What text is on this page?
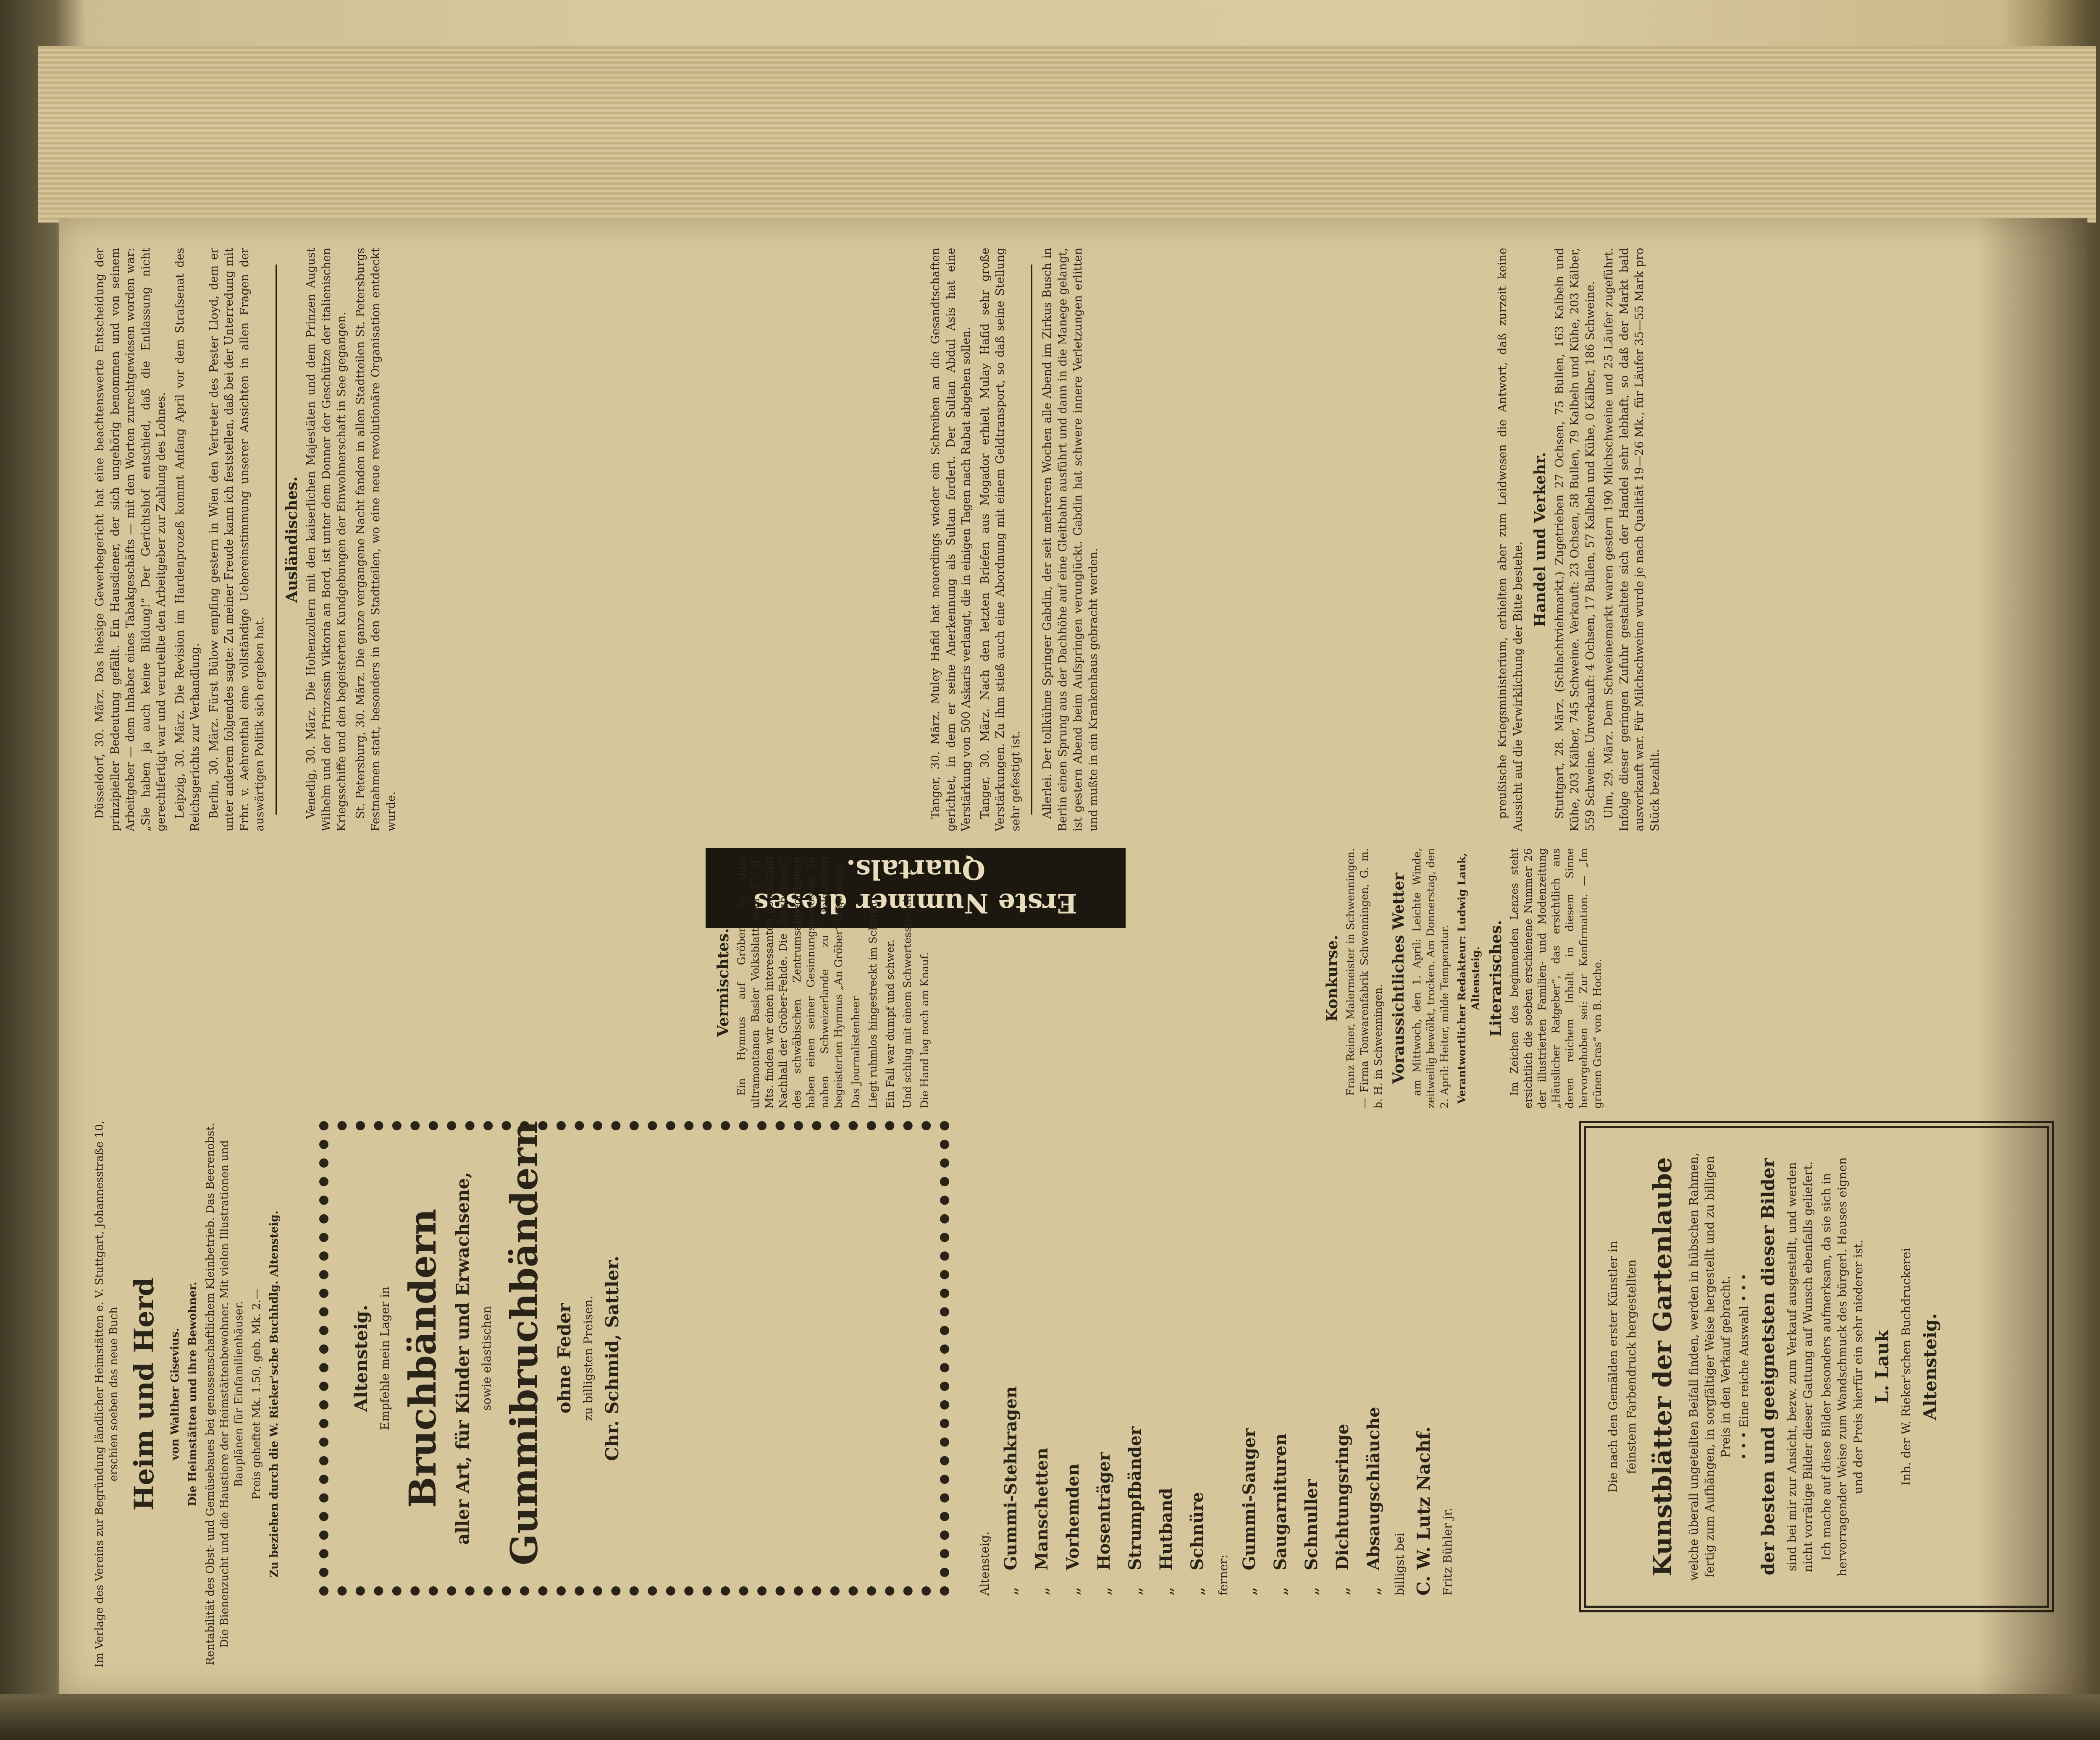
Düsseldorf, 30. März. Das hiesige Gewerbegericht hat eine beachtenswerte Entscheidung der prinzipieller Bedeutung gefällt. Ein Hausdiener, der sich ungehörig benommen und von seinem Arbeitgeber — dem Inhaber eines Tabakgeschäfts — mit den Worten zurechtgewiesen worden war: „Sie haben ja auch keine Bildung!“ Der Gerichtshof entschied, daß die Entlassung nicht gerechtfertigt war und verurteilte den Arbeitgeber zur Zahlung des Lohnes. Leipzig, 30. März. Die Revision im Hardenprozeß kommt Anfang April vor dem Strafsenat des Reichsgerichts zur Verhandlung. Berlin, 30. März. Fürst Bülow empfing gestern in Wien den Vertreter des Pester Lloyd, dem er unter anderem folgendes sagte: Zu meiner Freude kann ich feststellen, daß bei der Unterredung mit Frhr. v. Aehrenthal eine vollständige Uebereinstimmung unserer Ansichten in allen Fragen der auswärtigen Politik sich ergeben hat.

Ausländisches. Venedig, 30. März. Die Hohenzollern mit den kaiserlichen Majestäten und dem Prinzen August Wilhelm und der Prinzessin Viktoria an Bord, ist unter dem Donner der Geschütze der italienischen Kriegsschiffe und den begeisterten Kundgebungen der Einwohnerschaft in See gegangen. St. Petersburg, 30. März. Die ganze vergangene Nacht fanden in allen Stadtteilen St. Petersburgs Festnahmen statt, besonders in den Stadtteilen, wo eine neue revolutionäre Organisation entdeckt wurde.	Tanger, 30. März. Muley Hafid hat neuerdings wieder ein Schreiben an die Gesandtschaften gerichtet, in dem er seine Anerkennung als Sultan fordert. Der Sultan Abdul Asis hat eine Verstärkung von 500 Askaris verlangt, die in einigen Tagen nach Rabat abgehen sollen. Tanger, 30. März. Nach den letzten Briefen aus Mogador erhielt Mulay Hafid sehr große Verstärkungen. Zu ihm stieß auch eine Abordnung mit einem Geldtransport, so daß seine Stellung sehr gefestigt ist. Allerlei. Der tollkühne Springer Gabdin, der seit mehreren Wochen alle Abend im Zirkus Busch in Berlin einen Sprung aus der Dachhöhe auf eine Gleitbahn ausführt und dann in die Manege gelangt, ist gestern Abend beim Aufspringen verunglückt. Gabdin hat schwere innere Verletzungen erlitten und mußte in ein Krankenhaus gebracht werden.

Erste Nummer dieses Quartals.
Vermischtes. Ein Hymnus auf Gröber. In dem ultramontanen Basler Volksblatt vom 27. d. Mts. finden wir einen interessanten poetischen Nachhall der Gröber-Fehde. Die „Saubengels“ des schwäbischen Zentrumsabgeordneten haben einen seiner Gesinnungsgenossen in nahen Schweizerlande zu folgendem begeisterten Hymnus „An Gröber“ begeistert: Das Journalistenheer Liegt ruhmlos hingestreckt im Schacht; Ein Fall war dumpf und schwer. Und schlug mit einem Schwertesstreich Die Hand lag noch am Knauf.

preußische Kriegsministerium, erhielten aber zum Leidwesen die Antwort, daß zurzeit keine Aussicht auf die Verwirklichung der Bitte bestehe.

Handel und Verkehr. Stuttgart, 28. März. (Schlachtviehmarkt.) Zugetrieben 27 Ochsen, 75 Bullen, 163 Kalbeln und Kühe, 203 Kälber, 745 Schweine. Verkauft: 23 Ochsen, 58 Bullen, 79 Kalbeln und Kühe, 203 Kälber, 559 Schweine. Unverkauft: 4 Ochsen, 17 Bullen, 57 Kalbeln und Kühe, 0 Kälber, 186 Schweine. Ulm, 29. März. Dem Schweinemarkt waren gestern 190 Milchschweine und 25 Läufer zugeführt. Infolge dieser geringen Zufuhr gestaltete sich der Handel sehr lebhaft, so daß der Markt bald ausverkauft war. Für Milchschweine wurde je nach Qualität 19—26 Mk., für Läufer 35—55 Mark pro Stück bezahlt.

Konkurse. Franz Reiner, Malermeister in Schwenningen. — Firma Tonwarenfabrik Schwenningen, G. m. b. H. in Schwenningen. Voraussichtliches Wetter am Mittwoch, den 1. April: Leichte Winde, zeitweilig bewölkt, trocken. Am Donnerstag, den 2. April: Heiter, milde Temperatur. Verantwortlicher Redakteur: Ludwig Lauk, Altensteig. Literarisches. Im Zeichen des beginnenden Lenzes steht ersichtlich die soeben erschienene Nummer 26 der illustrierten Familien- und Modenzeitung „Häuslicher Ratgeber“, das ersichtlich aus deren reichem Inhalt in diesem Sinne hervorgehoben sei: Zur Konfirmation. — „Im grünen Gras“ von B. Hoche.

Altensteig. Empfehle mein Lager in Bruchbändern aller Art, für Kinder und Erwachsene, sowie elastischen Gummibruchbändern ohne Feder zu billigsten Preisen. Chr. Schmid, Sattler.

Im Verlage des Vereins zur Begründung ländlicher Heimstätten e. V. Stuttgart, Johannesstraße 10, erschien soeben das neue Buch Heim und Herd von Walther Gisevius. Die Heimstätten und ihre Bewohner. Rentabilität des Obst- und Gemüsebaues bei genossenschaftlichem Kleinbetrieb. Das Beerenobst. Die Bienenzucht und die Haustiere der Heimstättenbewohner. Mit vielen Illustrationen und Bauplänen für Einfamilienhäuser. Preis geheftet Mk. 1.50, geb. Mk. 2.— Zu beziehen durch die W. Rieker'sche Buchhdlg. Altensteig.	Altensteig. „Gummi-Stehkragen
„Manschetten
„Vorhemden
„Hosenträger
„Strumpfbänder
„Hutband
„Schnüre
ferner: „Gummi-Sauger
„Saugarnituren
„Schnuller
„Dichtungsringe
„Absaugschläuche billigst bei C. W. Lutz Nachf. Fritz Bühler jr.
Die nach den Gemälden erster Künstler in feinstem Farbendruck hergestellten Kunstblätter der Gartenlaube welche überall ungeteilten Beifall finden, werden in hübschen Rahmen, fertig zum Aufhängen, in sorgfältiger Weise hergestellt und zu billigen Preis in den Verkauf gebracht. • • • Eine reiche Auswahl • • • der besten und geeignetsten dieser Bilder sind bei mir zur Ansicht, bezw. zum Verkauf ausgestellt, und werden nicht vorrätige Bilder dieser Gattung auf Wunsch ebenfalls geliefert. Ich mache auf diese Bilder besonders aufmerksam, da sie sich in hervorragender Weise zum Wandschmuck des bürgerl. Hauses eignen und der Preis hierfür ein sehr niederer ist. L. Lauk Inh. der W. Rieker'schen Buchdruckerei Altensteig.
